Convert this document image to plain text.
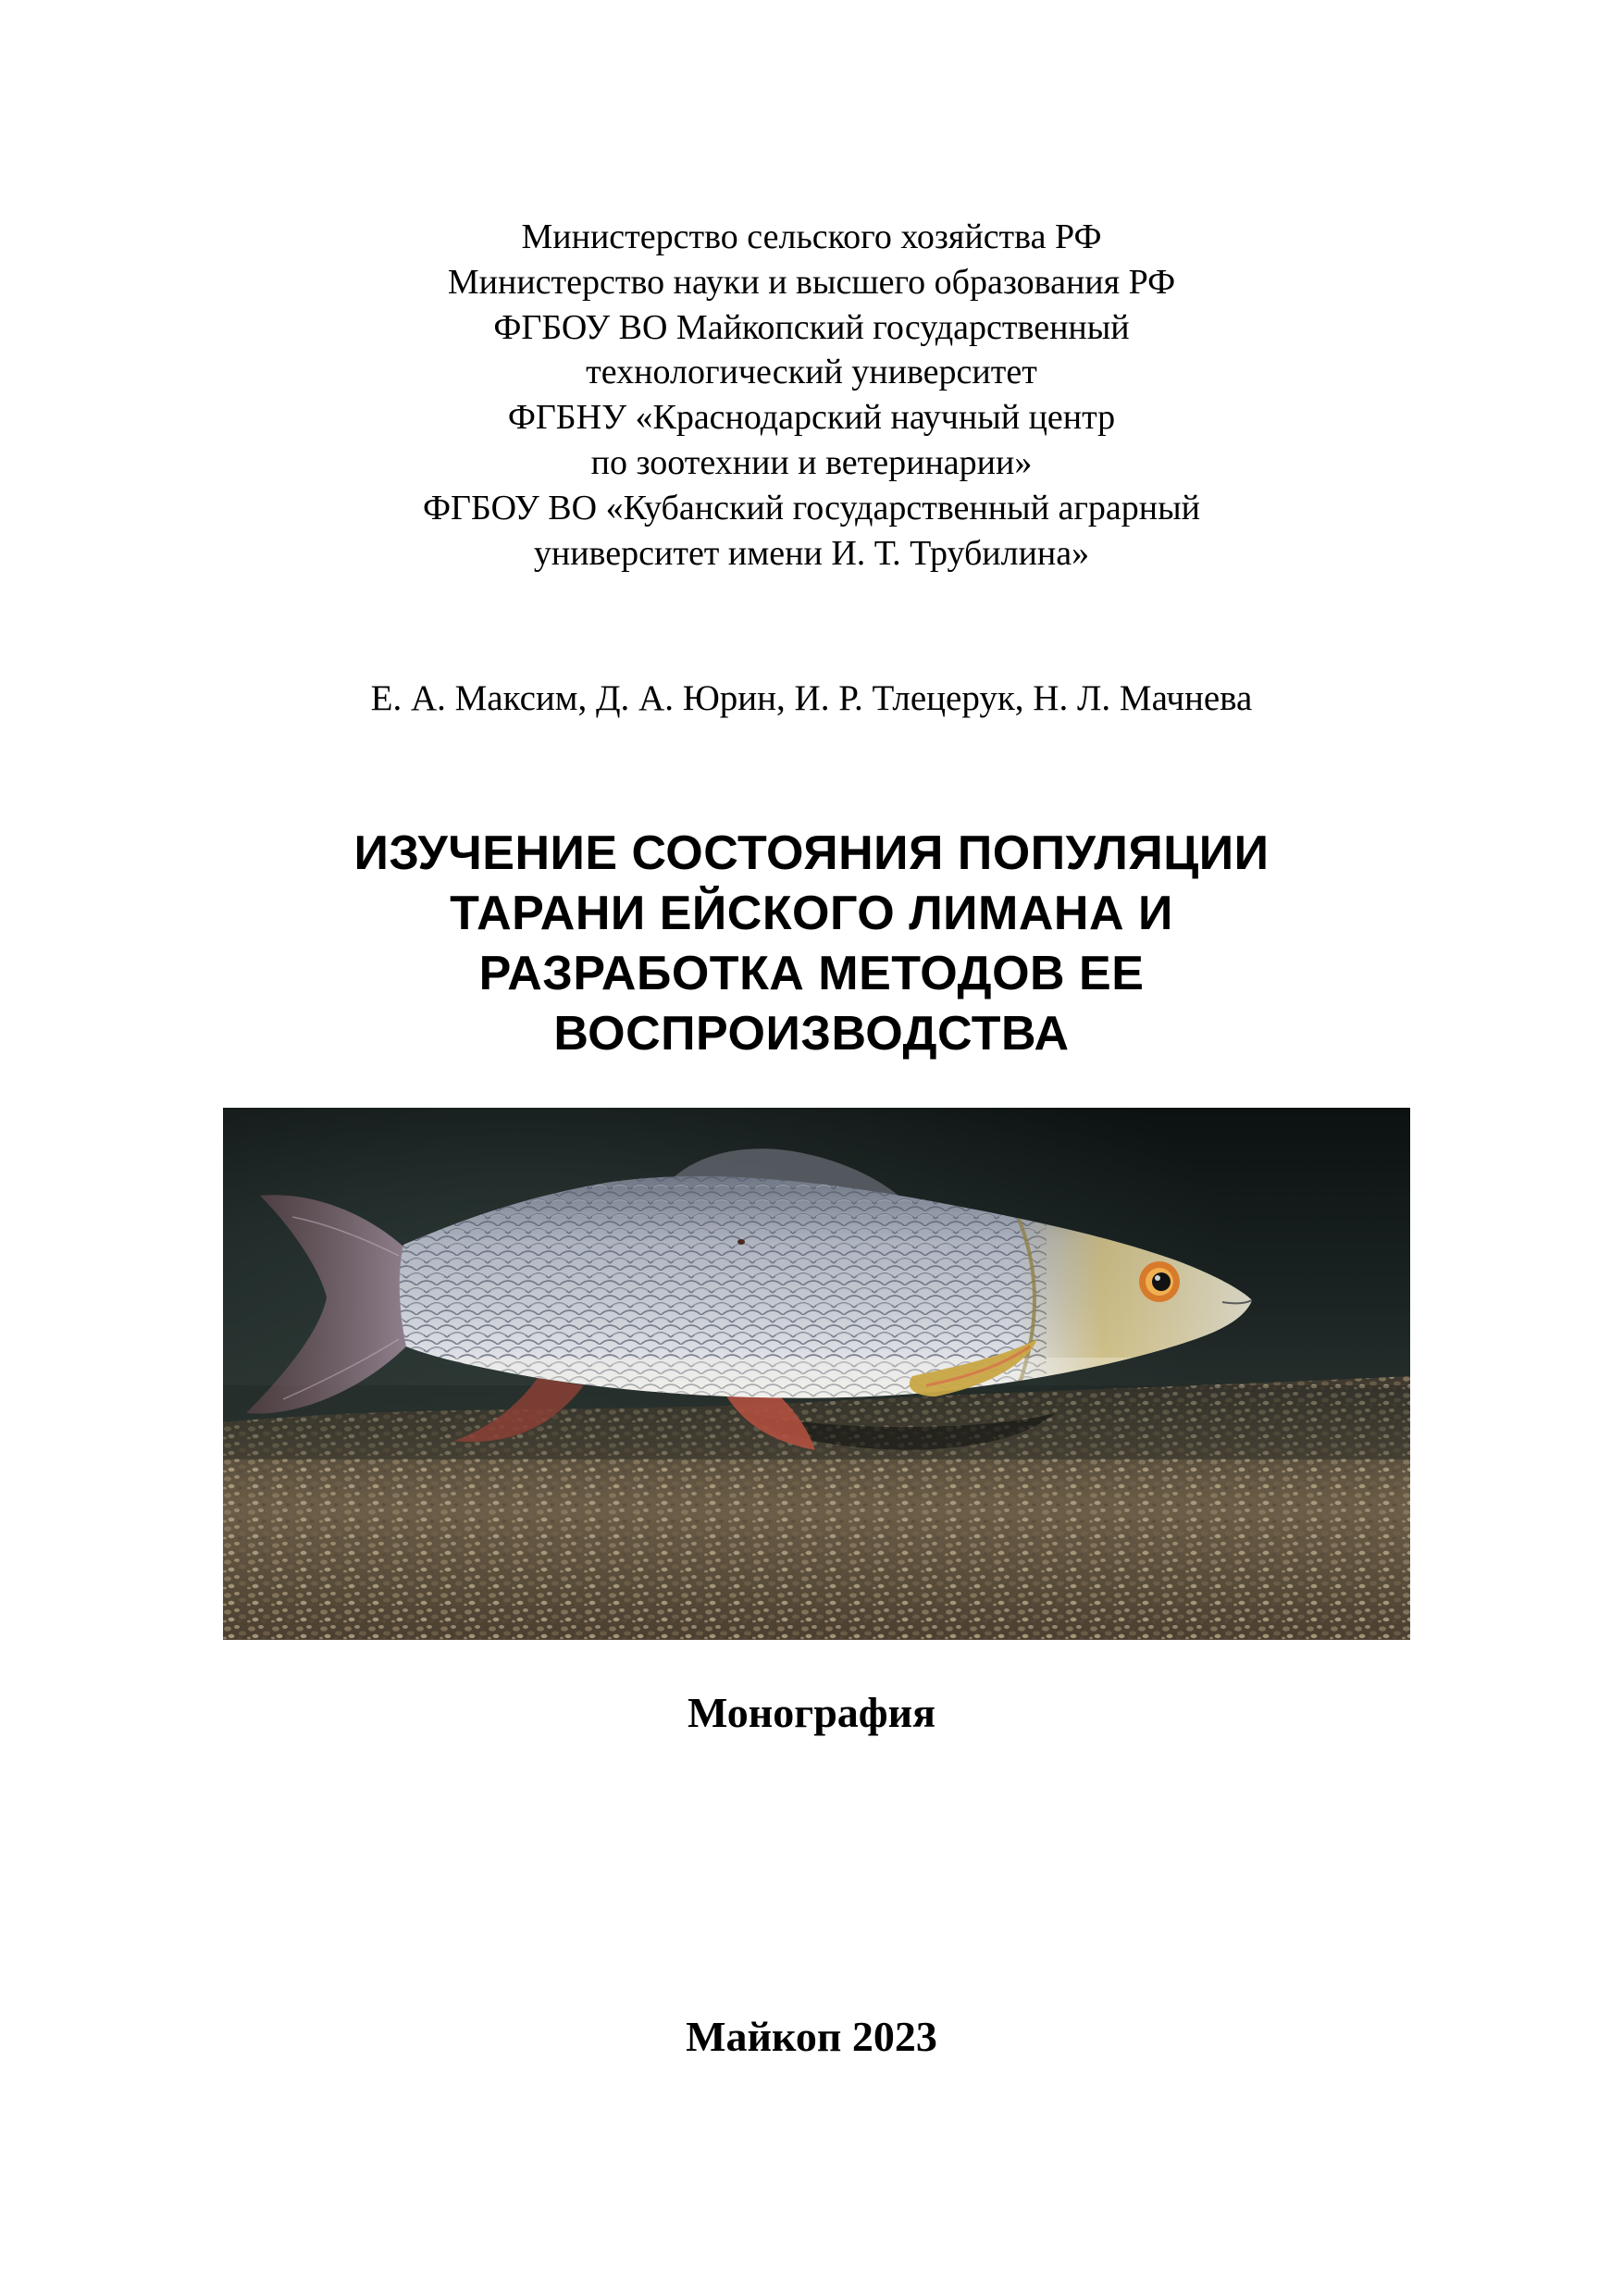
Министерство сельского хозяйства РФ
Министерство науки и высшего образования РФ
ФГБОУ ВО Майкопский государственный
технологический университет
ФГБНУ «Краснодарский научный центр
по зоотехнии и ветеринарии»
ФГБОУ ВО «Кубанский государственный аграрный
университет имени И. Т. Трубилина»
Е. А. Максим, Д. А. Юрин, И. Р. Тлецерук, Н. Л. Мачнева
ИЗУЧЕНИЕ СОСТОЯНИЯ ПОПУЛЯЦИИ
ТАРАНИ ЕЙСКОГО ЛИМАНА И
РАЗРАБОТКА МЕТОДОВ ЕЕ
ВОСПРОИЗВОДСТВА
Монография
Майкоп 2023
